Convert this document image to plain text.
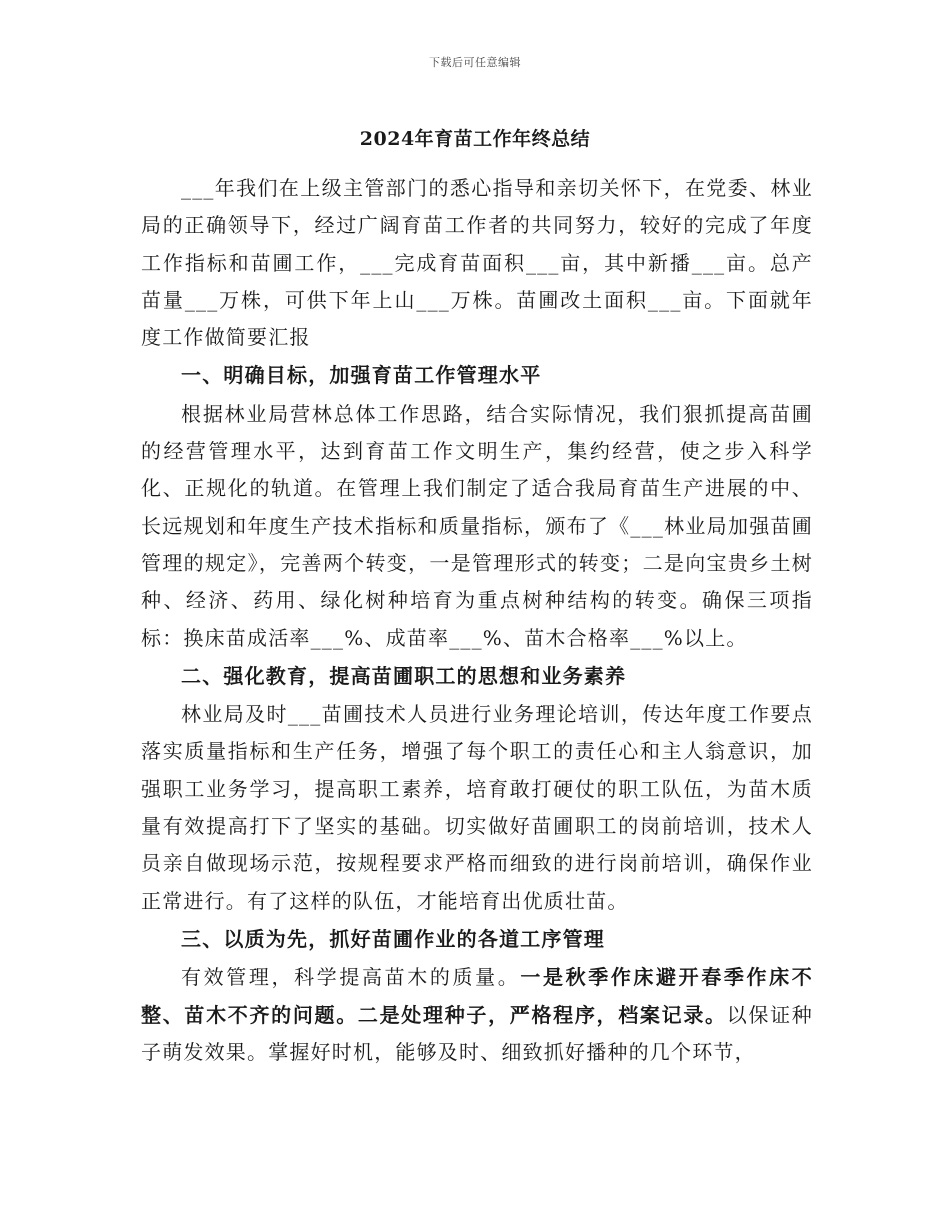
下载后可任意编辑
2024年育苗工作年终总结

___年我们在上级主管部门的悉心指导和亲切关怀下，在党委、林业局的正确领导下，经过广阔育苗工作者的共同努力，较好的完成了年度工作指标和苗圃工作，___完成育苗面积___亩，其中新播___亩。总产苗量___万株，可供下年上山___万株。苗圃改土面积___亩。下面就年度工作做简要汇报

一、明确目标，加强育苗工作管理水平

根据林业局营林总体工作思路，结合实际情况，我们狠抓提高苗圃的经营管理水平，达到育苗工作文明生产，集约经营，使之步入科学化、正规化的轨道。在管理上我们制定了适合我局育苗生产进展的中、长远规划和年度生产技术指标和质量指标，颁布了《___林业局加强苗圃管理的规定》，完善两个转变，一是管理形式的转变；二是向宝贵乡土树种、经济、药用、绿化树种培育为重点树种结构的转变。确保三项指标：换床苗成活率___%、成苗率___%、苗木合格率___%以上。

二、强化教育，提高苗圃职工的思想和业务素养

林业局及时___苗圃技术人员进行业务理论培训，传达年度工作要点落实质量指标和生产任务，增强了每个职工的责任心和主人翁意识，加强职工业务学习，提高职工素养，培育敢打硬仗的职工队伍，为苗木质量有效提高打下了坚实的基础。切实做好苗圃职工的岗前培训，技术人员亲自做现场示范，按规程要求严格而细致的进行岗前培训，确保作业正常进行。有了这样的队伍，才能培育出优质壮苗。

三、以质为先，抓好苗圃作业的各道工序管理

有效管理，科学提高苗木的质量。一是秋季作床避开春季作床不整、苗木不齐的问题。二是处理种子，严格程序，档案记录。以保证种子萌发效果。掌握好时机，能够及时、细致抓好播种的几个环节，
